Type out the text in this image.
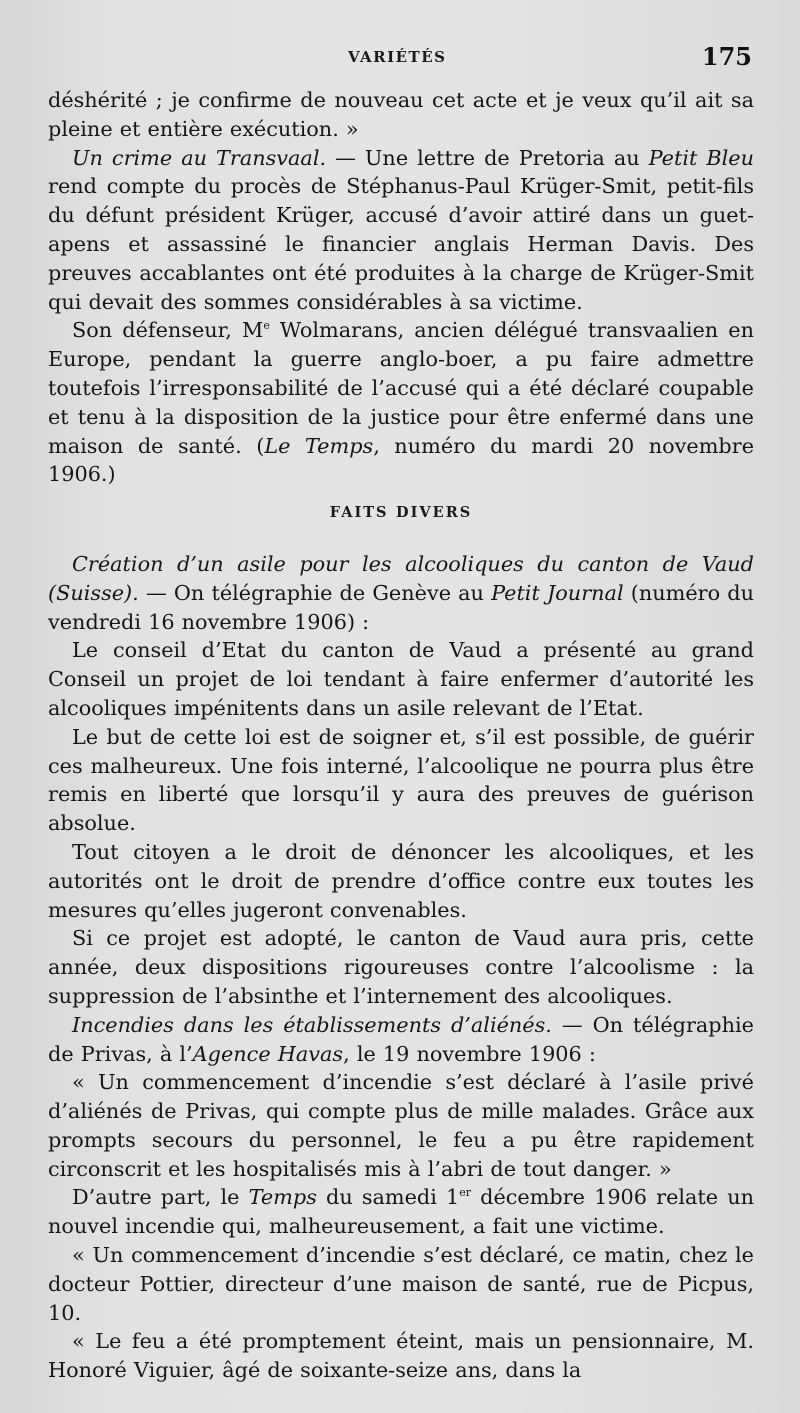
VARIÉTÉS	175

déshérité ; je confirme de nouveau cet acte et je veux qu’il ait sa pleine et entière exécution. »

Un crime au Transvaal. — Une lettre de Pretoria au Petit Bleu rend compte du procès de Stéphanus-Paul Krüger-Smit, petit-fils du défunt président Krüger, accusé d’avoir attiré dans un guet-apens et assassiné le financier anglais Herman Davis. Des preuves accablantes ont été produites à la charge de Krüger-Smit qui devait des sommes considérables à sa victime.

Son défenseur, Me Wolmarans, ancien délégué transvaalien en Europe, pendant la guerre anglo-boer, a pu faire admettre toutefois l’irresponsabilité de l’accusé qui a été déclaré coupable et tenu à la disposition de la justice pour être enfermé dans une maison de santé. (Le Temps, numéro du mardi 20 novembre 1906.)

FAITS DIVERS

Création d’un asile pour les alcooliques du canton de Vaud (Suisse). — On télégraphie de Genève au Petit Journal (numéro du vendredi 16 novembre 1906) :

Le conseil d’Etat du canton de Vaud a présenté au grand Conseil un projet de loi tendant à faire enfermer d’autorité les alcooliques impénitents dans un asile relevant de l’Etat.

Le but de cette loi est de soigner et, s’il est possible, de guérir ces malheureux. Une fois interné, l’alcoolique ne pourra plus être remis en liberté que lorsqu’il y aura des preuves de guérison absolue.

Tout citoyen a le droit de dénoncer les alcooliques, et les autorités ont le droit de prendre d’office contre eux toutes les mesures qu’elles jugeront convenables.

Si ce projet est adopté, le canton de Vaud aura pris, cette année, deux dispositions rigoureuses contre l’alcoolisme : la suppression de l’absinthe et l’internement des alcooliques.

Incendies dans les établissements d’aliénés. — On télégraphie de Privas, à l’Agence Havas, le 19 novembre 1906 :

« Un commencement d’incendie s’est déclaré à l’asile privé d’aliénés de Privas, qui compte plus de mille malades. Grâce aux prompts secours du personnel, le feu a pu être rapidement circonscrit et les hospitalisés mis à l’abri de tout danger. »

D’autre part, le Temps du samedi 1er décembre 1906 relate un nouvel incendie qui, malheureusement, a fait une victime.

« Un commencement d’incendie s’est déclaré, ce matin, chez le docteur Pottier, directeur d’une maison de santé, rue de Picpus, 10.

« Le feu a été promptement éteint, mais un pensionnaire, M. Honoré Viguier, âgé de soixante-seize ans, dans la
